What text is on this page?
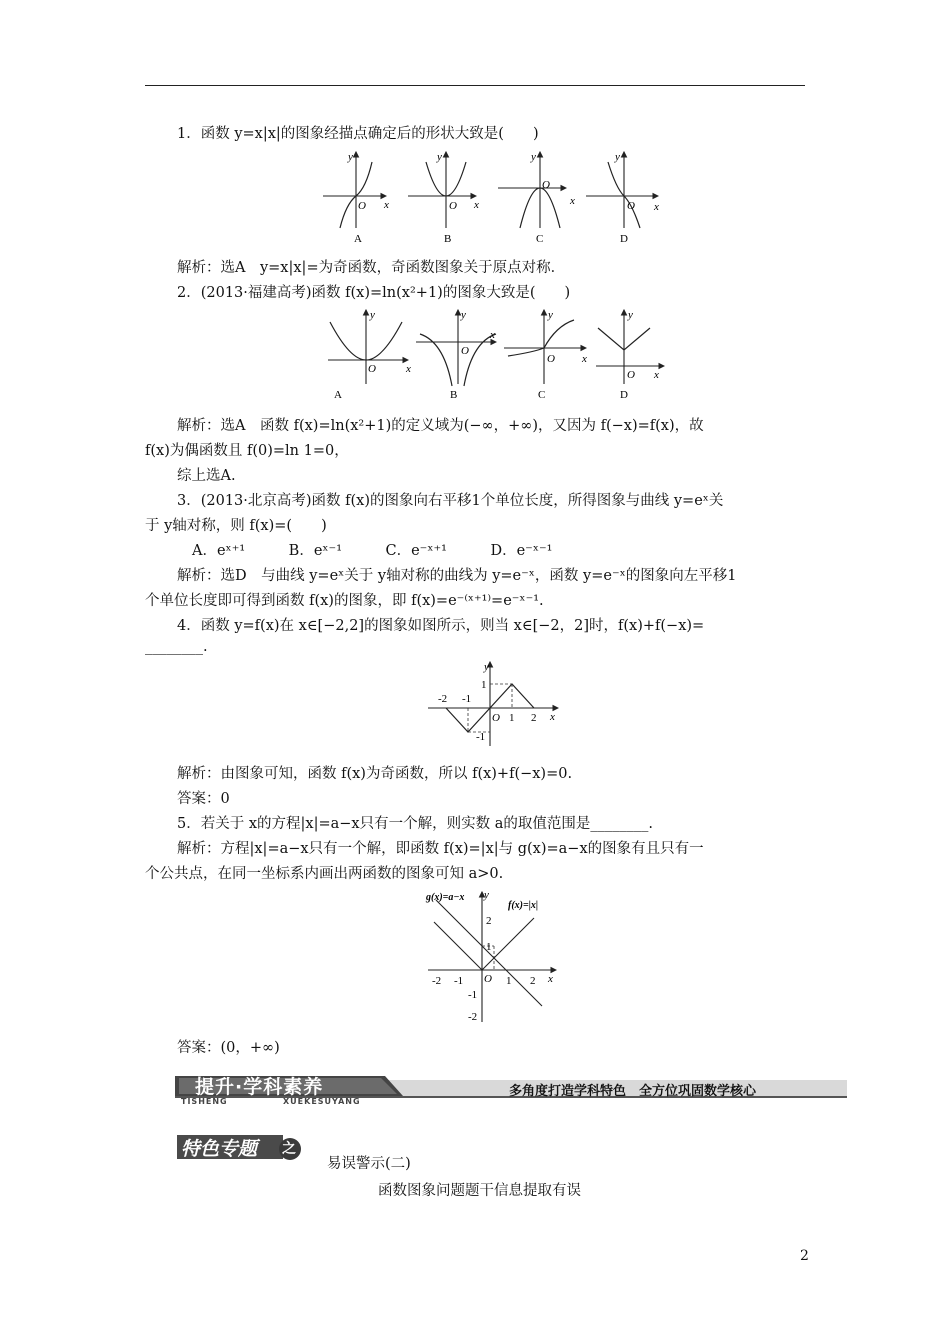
1．函数 y=x|x|的图象经描点确定后的形状大致是(　　)
y
x
O
A
y
x
O
B
y
x
O
C
y
x
O
D
解析：选A　y=x|x|=为奇函数，奇函数图象关于原点对称．
2．(2013·福建高考)函数 f(x)=ln(x²+1)的图象大致是(　　)
y
x
O
A
y
x
O
B
y
x
O
C
y
x
O
D
解析：选A　函数 f(x)=ln(x²+1)的定义域为(−∞，+∞)，又因为 f(−x)=f(x)，故
f(x)为偶函数且 f(0)=ln 1=0，
综上选A.
3．(2013·北京高考)函数 f(x)的图象向右平移1个单位长度，所得图象与曲线 y=eˣ关
于 y轴对称，则 f(x)=(　　)
A．eˣ⁺¹　　　B．eˣ⁻¹　　　C．e⁻ˣ⁺¹　　　D．e⁻ˣ⁻¹
解析：选D　与曲线 y=eˣ关于 y轴对称的曲线为 y=e⁻ˣ，函数 y=e⁻ˣ的图象向左平移1
个单位长度即可得到函数 f(x)的图象，即 f(x)=e⁻⁽ˣ⁺¹⁾=e⁻ˣ⁻¹.
4．函数 y=f(x)在 x∈[−2,2]的图象如图所示，则当 x∈[−2，2]时，f(x)+f(−x)=
________.
y
x
O
-2 -1
1 2
1
-1
解析：由图象可知，函数 f(x)为奇函数，所以 f(x)+f(−x)=0.
答案：0
5．若关于 x的方程|x|=a−x只有一个解，则实数 a的取值范围是________.
解析：方程|x|=a−x只有一个解，即函数 f(x)=|x|与 g(x)=a−x的图象有且只有一
个公共点，在同一坐标系内画出两函数的图象可知 a>0.
g(x)=a−x
f(x)=|x|
y
x
O
-2 -1	1 2
2
1
-1
-2
答案：(0，+∞)
提升·学科素养
TISHENG	XUEKESUYANG
多角度打造学科特色　全方位巩固数学核心
特色专题 之
易误警示(二)
函数图象问题题干信息提取有误
2
